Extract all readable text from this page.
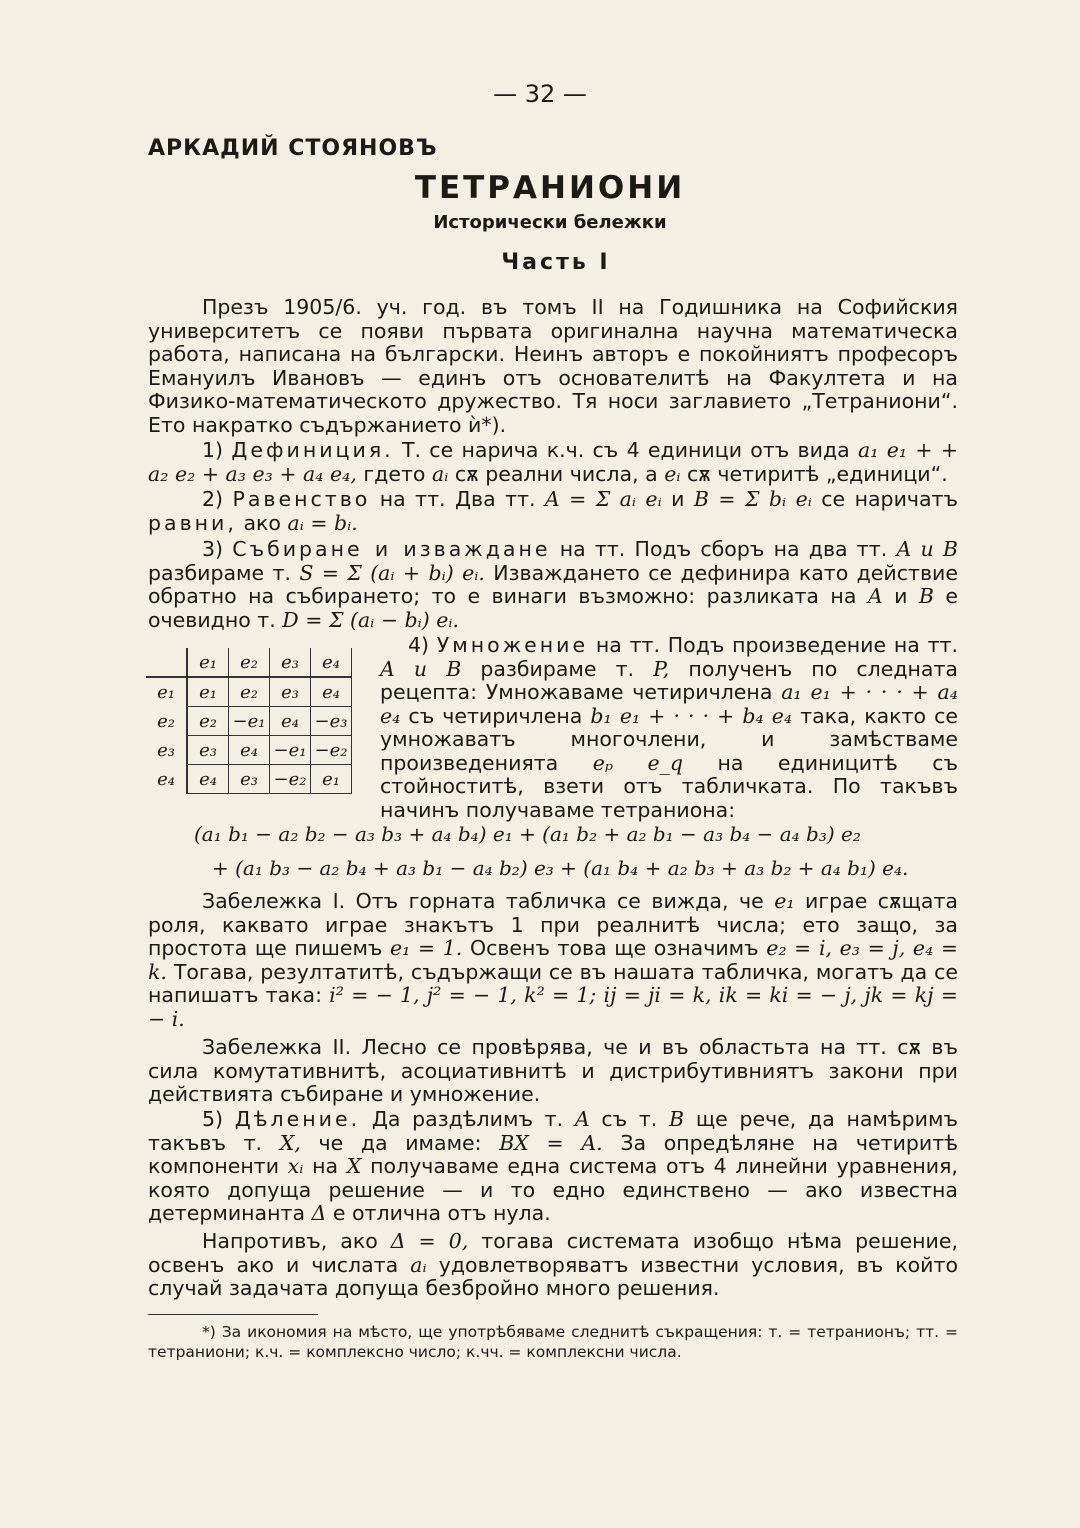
— 32 —
АРКАДИЙ СТОЯНОВЪ
ТЕТРАНИОНИ
Исторически бележки
Часть I
Презъ 1905/6. уч. год. въ томъ II на Годишника на Софийския университетъ се появи първата оригинална научна математическа работа, написана на български. Неинъ авторъ е покойниятъ професоръ Емануилъ Ивановъ — единъ отъ основателитѣ на Факултета и на Физико-математическото дружество. Тя носи заглавието „Тетраниони“. Ето накратко съдържанието ѝ*).
1) Дефиниция. Т. се нарича к.ч. съ 4 единици отъ вида a₁ e₁ + + a₂ e₂ + a₃ e₃ + a₄ e₄, гдето aᵢ сѫ реални числа, а eᵢ сѫ четиритѣ „единици“.
2) Равенство на тт. Два тт. A = Σ aᵢ eᵢ и B = Σ bᵢ eᵢ се наричатъ равни, ако aᵢ = bᵢ.
3) Събиране и изваждане на тт. Подъ сборъ на два тт. A и B разбираме т. S = Σ (aᵢ + bᵢ) eᵢ. Изваждането се дефинира като действие обратно на събирането; то е винаги възможно: разликата на A и B е очевидно т. D = Σ (aᵢ − bᵢ) eᵢ.
	e₁	e₂	e₃	e₄
e₁	e₁	e₂	e₃	e₄
e₂	e₂	−e₁	e₄	−e₃
e₃	e₃	e₄	−e₁	−e₂
e₄	e₄	e₃	−e₂	e₁
4) Умножение на тт. Подъ произведение на тт. A и B разбираме т. P, полученъ по следната рецепта: Умножаваме четиричлена a₁ e₁ + · · · + a₄ e₄ съ четиричлена b₁ e₁ + · · · + b₄ e₄ така, както се умножаватъ многочлени, и замѣстваме произведенията eₚ e_q на единицитѣ съ стойноститѣ, взети отъ табличката. По такъвъ начинъ получаваме тетраниона:
(a₁ b₁ − a₂ b₂ − a₃ b₃ + a₄ b₄) e₁ + (a₁ b₂ + a₂ b₁ − a₃ b₄ − a₄ b₃) e₂
+ (a₁ b₃ − a₂ b₄ + a₃ b₁ − a₄ b₂) e₃ + (a₁ b₄ + a₂ b₃ + a₃ b₂ + a₄ b₁) e₄.
Забележка I. Отъ горната табличка се вижда, че e₁ играе сѫщата роля, каквато играе знакътъ 1 при реалнитѣ числа; ето защо, за простота ще пишемъ e₁ = 1. Освенъ това ще означимъ e₂ = i, e₃ = j, e₄ = k. Тогава, резултатитѣ, съдържащи се въ нашата табличка, могатъ да се напишатъ така: i² = − 1, j² = − 1, k² = 1; ij = ji = k, ik = ki = − j, jk = kj = − i.
Забележка II. Лесно се провѣрява, че и въ областьта на тт. сѫ въ сила комутативнитѣ, асоциативнитѣ и дистрибутивниятъ закони при действията събиране и умножение.
5) Дѣление. Да раздѣлимъ т. A съ т. B ще рече, да намѣримъ такъвъ т. X, че да имаме: BX = A. За опредѣляне на четиритѣ компоненти xᵢ на X получаваме една система отъ 4 линейни уравнения, която допуща решение — и то едно единствено — ако известна детерминанта Δ е отлична отъ нула.
Напротивъ, ако Δ = 0, тогава системата изобщо нѣма решение, освенъ ако и числата aᵢ удовлетворяватъ известни условия, въ който случай задачата допуща безбройно много решения.
*) За икономия на мѣсто, ще употрѣбяваме следнитѣ съкращения: т. = тетранионъ; тт. = тетраниони; к.ч. = комплексно число; к.чч. = комплексни числа.
